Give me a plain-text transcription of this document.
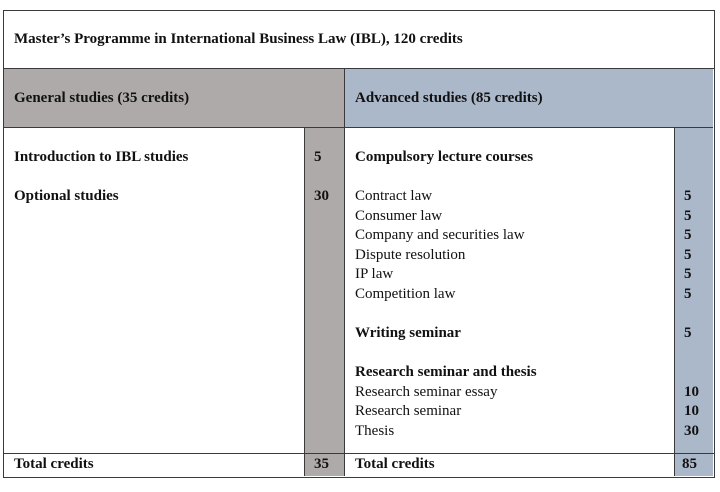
Master’s Programme in International Business Law (IBL), 120 credits
General studies (35 credits)	Advanced studies (85 credits)
Introduction to IBL studies	5
Optional studies	30
Compulsory lecture courses
Contract law	5
Consumer law	5
Company and securities law	5
Dispute resolution	5
IP law	5
Competition law	5
Writing seminar	5
Research seminar and thesis
Research seminar essay	10
Research seminar	10
Thesis	30
Total credits	35 Total credits	85
